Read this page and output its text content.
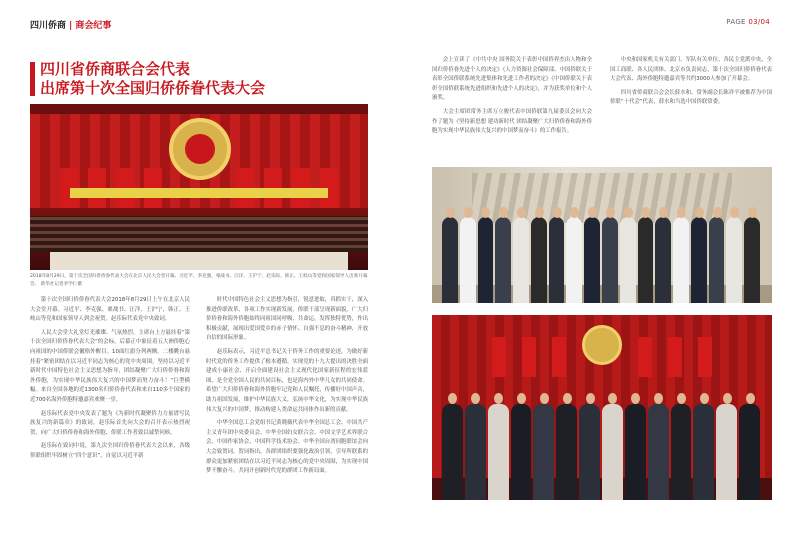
四川侨商 | 商会纪事	PAGE 03/04
四川省侨商联合会代表
出席第十次全国归侨侨眷代表大会
2018年8月29日，第十次全国归侨侨眷代表大会在北京人民大会堂开幕。习近平、李克强、栗战书、汪洋、王沪宁、赵乐际、韩正、王岐山等党和国家领导人出席开幕会。 新华社记者李学仁摄

第十次全国归侨侨眷代表大会2018年8月29日上午在北京人民大会堂开幕。习近平、李克强、栗战书、汪洋、王沪宁、韩正、王岐山等党和国家领导人到会祝贺。赵乐际代表党中央致词。

人民大会堂大礼堂灯光璀璨、气氛热烈。主席台上方悬挂着“第十次全国归侨侨眷代表大会”的会标，后幕正中象征着五大洲侨胞心向祖国的中国侨联会徽格外醒目。10面红旗分列两侧。二楼眺台悬挂着“紧密团结在以习近平同志为核心的党中央周围，坚持以习近平新时代中国特色社会主义思想为指导，团结凝聚广大归侨侨眷和海外侨胞，为实现中华民族伟大复兴的中国梦而努力奋斗！”巨型横幅。来自全国各地的近1300名归侨侨眷代表和来自110多个国家的近700名海外侨胞特邀嘉宾欢聚一堂。

赵乐际代表党中央发表了题为《为新时代凝聚侨力力量谱写民族复兴的新篇章》的致词。赵乐际首先向大会的召开表示热烈祝贺，向广大归侨侨眷和海外侨胞、侨联工作者致以诚挚问候。

赵乐际在致词中说，第九次全国归侨侨眷代表大会以来，各级侨联组织牢固树立“四个意识”，自觉以习近平新

时代中国特色社会主义思想为指引，锐意进取，真抓实干，深入推进侨联改革，各项工作实现新发展，侨联干部呈现新面貌。广大归侨侨眷和海外侨胞始终同祖国同呼吸、共命运，发挥独特优势，作出积极贡献，展现出爱国爱乡的赤子情怀、自强不息的奋斗精神、开放自信的国际形象。

赵乐际表示，习近平总书记关于侨务工作的重要论述，为做好新时代党的侨务工作提供了根本遵循。实现党的十九大提出的决胜全面建成小康社会、开启全面建设社会主义现代化国家新征程的宏伟蓝图，是全党全国人民的共同目标，也是海内外中华儿女的共同使命。希望广大归侨侨眷和海外侨胞牢记党和人民嘱托，传播好中国声音，助力祖国发展，维护中华民族大义，弘扬中华文化，为实现中华民族伟大复兴的中国梦，推动构建人类命运共同体作出新的贡献。

中华全国总工会党组书记黄晓薇代表中华全国总工会、中国共产主义青年团中央委员会、中华全国妇女联合会、中国文学艺术界联合会、中国作家协会、中国科学技术协会、中华全国台湾同胞联谊会向大会致贺词。贺词指出，各群团组织要强化政治引领，引导所联系的群众更加紧密团结在以习近平同志为核心的党中央周围，为实现中国梦不懈奋斗，共同开创新时代党的群团工作新局面。

会上宣读了《中共中央 国务院关于表彰中国侨界杰出人物和全国归侨侨眷先进个人的决定》《人力资源社会保障部、中国侨联关于表彰全国侨联系统先进集体和先进工作者的决定》《中国侨联关于表彰全国侨联系统先进组织和先进个人的决定》，并为获奖单位和个人颁奖。

大会主席团常务主席万立骏代表中国侨联第九届委员会向大会作了题为《坚持新思想 建功新时代 团结凝聚广大归侨侨眷和海外侨胞为实现中华民族伟大复兴的中国梦而奋斗》的工作报告。

中央和国家机关有关部门、军队有关单位、各民主党派中央、全国工商联、各人民团体、北京市负责同志，第十次全国归侨侨眷代表大会代表、海外侨胞特邀嘉宾等共约3000人参加了开幕会。

四川省侨商联合会会长薛水和、常务副会长陈祥平被推荐为中国侨联“十代会”代表，薛水和当选中国侨联常委。
